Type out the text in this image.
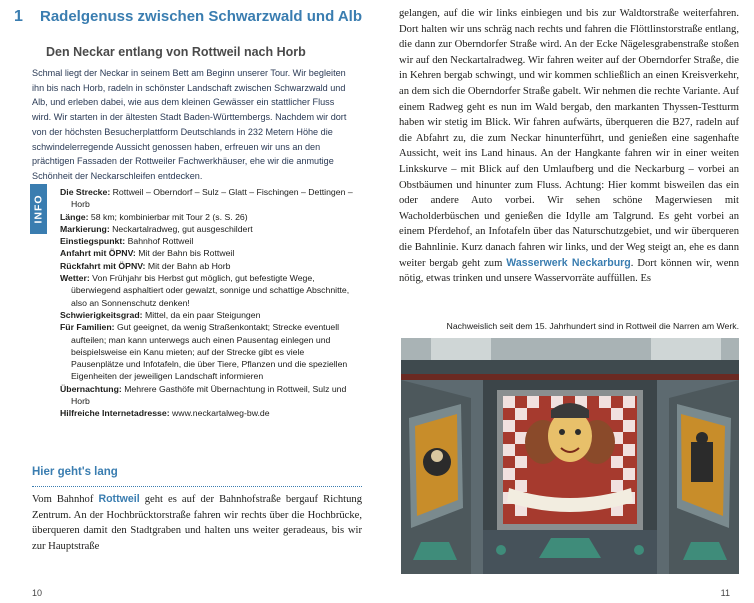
1 Radelgenuss zwischen Schwarzwald und Alb
Den Neckar entlang von Rottweil nach Horb
Schmal liegt der Neckar in seinem Bett am Beginn unserer Tour. Wir begleiten ihn bis nach Horb, radeln in schönster Landschaft zwischen Schwarzwald und Alb, und erleben dabei, wie aus dem kleinen Gewässer ein stattlicher Fluss wird. Wir starten in der ältesten Stadt Baden-Württembergs. Nachdem wir dort von der höchsten Besucherplattform Deutschlands in 232 Metern Höhe die schwindelerregende Aussicht genossen haben, erfreuen wir uns an den prächtigen Fassaden der Rottweiler Fachwerkhäuser, ehe wir die anmutige Schönheit der Neckarschleifen entdecken.
INFO
Die Strecke: Rottweil – Oberndorf – Sulz – Glatt – Fischingen – Dettingen – Horb
Länge: 58 km; kombinierbar mit Tour 2 (s. S. 26)
Markierung: Neckartalradweg, gut ausgeschildert
Einstiegspunkt: Bahnhof Rottweil
Anfahrt mit ÖPNV: Mit der Bahn bis Rottweil
Rückfahrt mit ÖPNV: Mit der Bahn ab Horb
Wetter: Von Frühjahr bis Herbst gut möglich, gut befestigte Wege, überwiegend asphaltiert oder gewalzt, sonnige und schattige Abschnitte, also an Sonnenschutz denken!
Schwierigkeitsgrad: Mittel, da ein paar Steigungen
Für Familien: Gut geeignet, da wenig Straßenkontakt; Strecke eventuell aufteilen; man kann unterwegs auch einen Pausentag einlegen und beispielsweise ein Kanu mieten; auf der Strecke gibt es viele Pausenplätze und Infotafeln, die über Tiere, Pflanzen und die speziellen Eigenheiten der jeweiligen Landschaft informieren
Übernachtung: Mehrere Gasthöfe mit Übernachtung in Rottweil, Sulz und Horb
Hilfreiche Internetadresse: www.neckartalweg-bw.de
Hier geht's lang
Vom Bahnhof Rottweil geht es auf der Bahnhofstraße bergauf Richtung Zentrum. An der Hochbrücktorstraße fahren wir rechts über die Hochbrücke, überqueren damit den Stadtgraben und halten uns weiter geradeaus, bis wir zur Hauptstraße
10
gelangen, auf die wir links einbiegen und bis zur Waldtorstraße weiterfahren. Dort halten wir uns schräg nach rechts und fahren die Flöttlinstorstraße entlang, die dann zur Oberndorfer Straße wird. An der Ecke Nägelesgrabenstraße stoßen wir auf den Neckartalradweg. Wir fahren weiter auf der Oberndorfer Straße, die in Kehren bergab schwingt, und wir kommen schließlich an einen Kreisverkehr, an dem sich die Oberndorfer Straße gabelt. Wir nehmen die rechte Variante. Auf einem Radweg geht es nun im Wald bergab, den markanten Thyssen-Testturm haben wir stetig im Blick. Wir fahren aufwärts, überqueren die B27, radeln auf die Abfahrt zu, die zum Neckar hinunterführt, und genießen eine sagenhafte Aussicht, weit ins Land hinaus. An der Hangkante fahren wir in einer weiten Linkskurve – mit Blick auf den Umlaufberg und die Neckarburg – vorbei an Obstbäumen und hinunter zum Fluss. Achtung: Hier kommt bisweilen das ein oder andere Auto vorbei. Wir sehen schöne Magerwiesen mit Wacholderbüschen und genießen die Idylle am Talgrund. Es geht vorbei an einem Pferdehof, an Infotafeln über das Naturschutzgebiet, und wir überqueren die Bahnlinie. Kurz danach fahren wir links, und der Weg steigt an, ehe es dann weiter bergab geht zum Wasserwerk Neckarburg. Dort können wir, wenn nötig, etwas trinken und unsere Wasservorräte auffüllen. Es
Nachweislich seit dem 15. Jahrhundert sind in Rottweil die Narren am Werk.
11
